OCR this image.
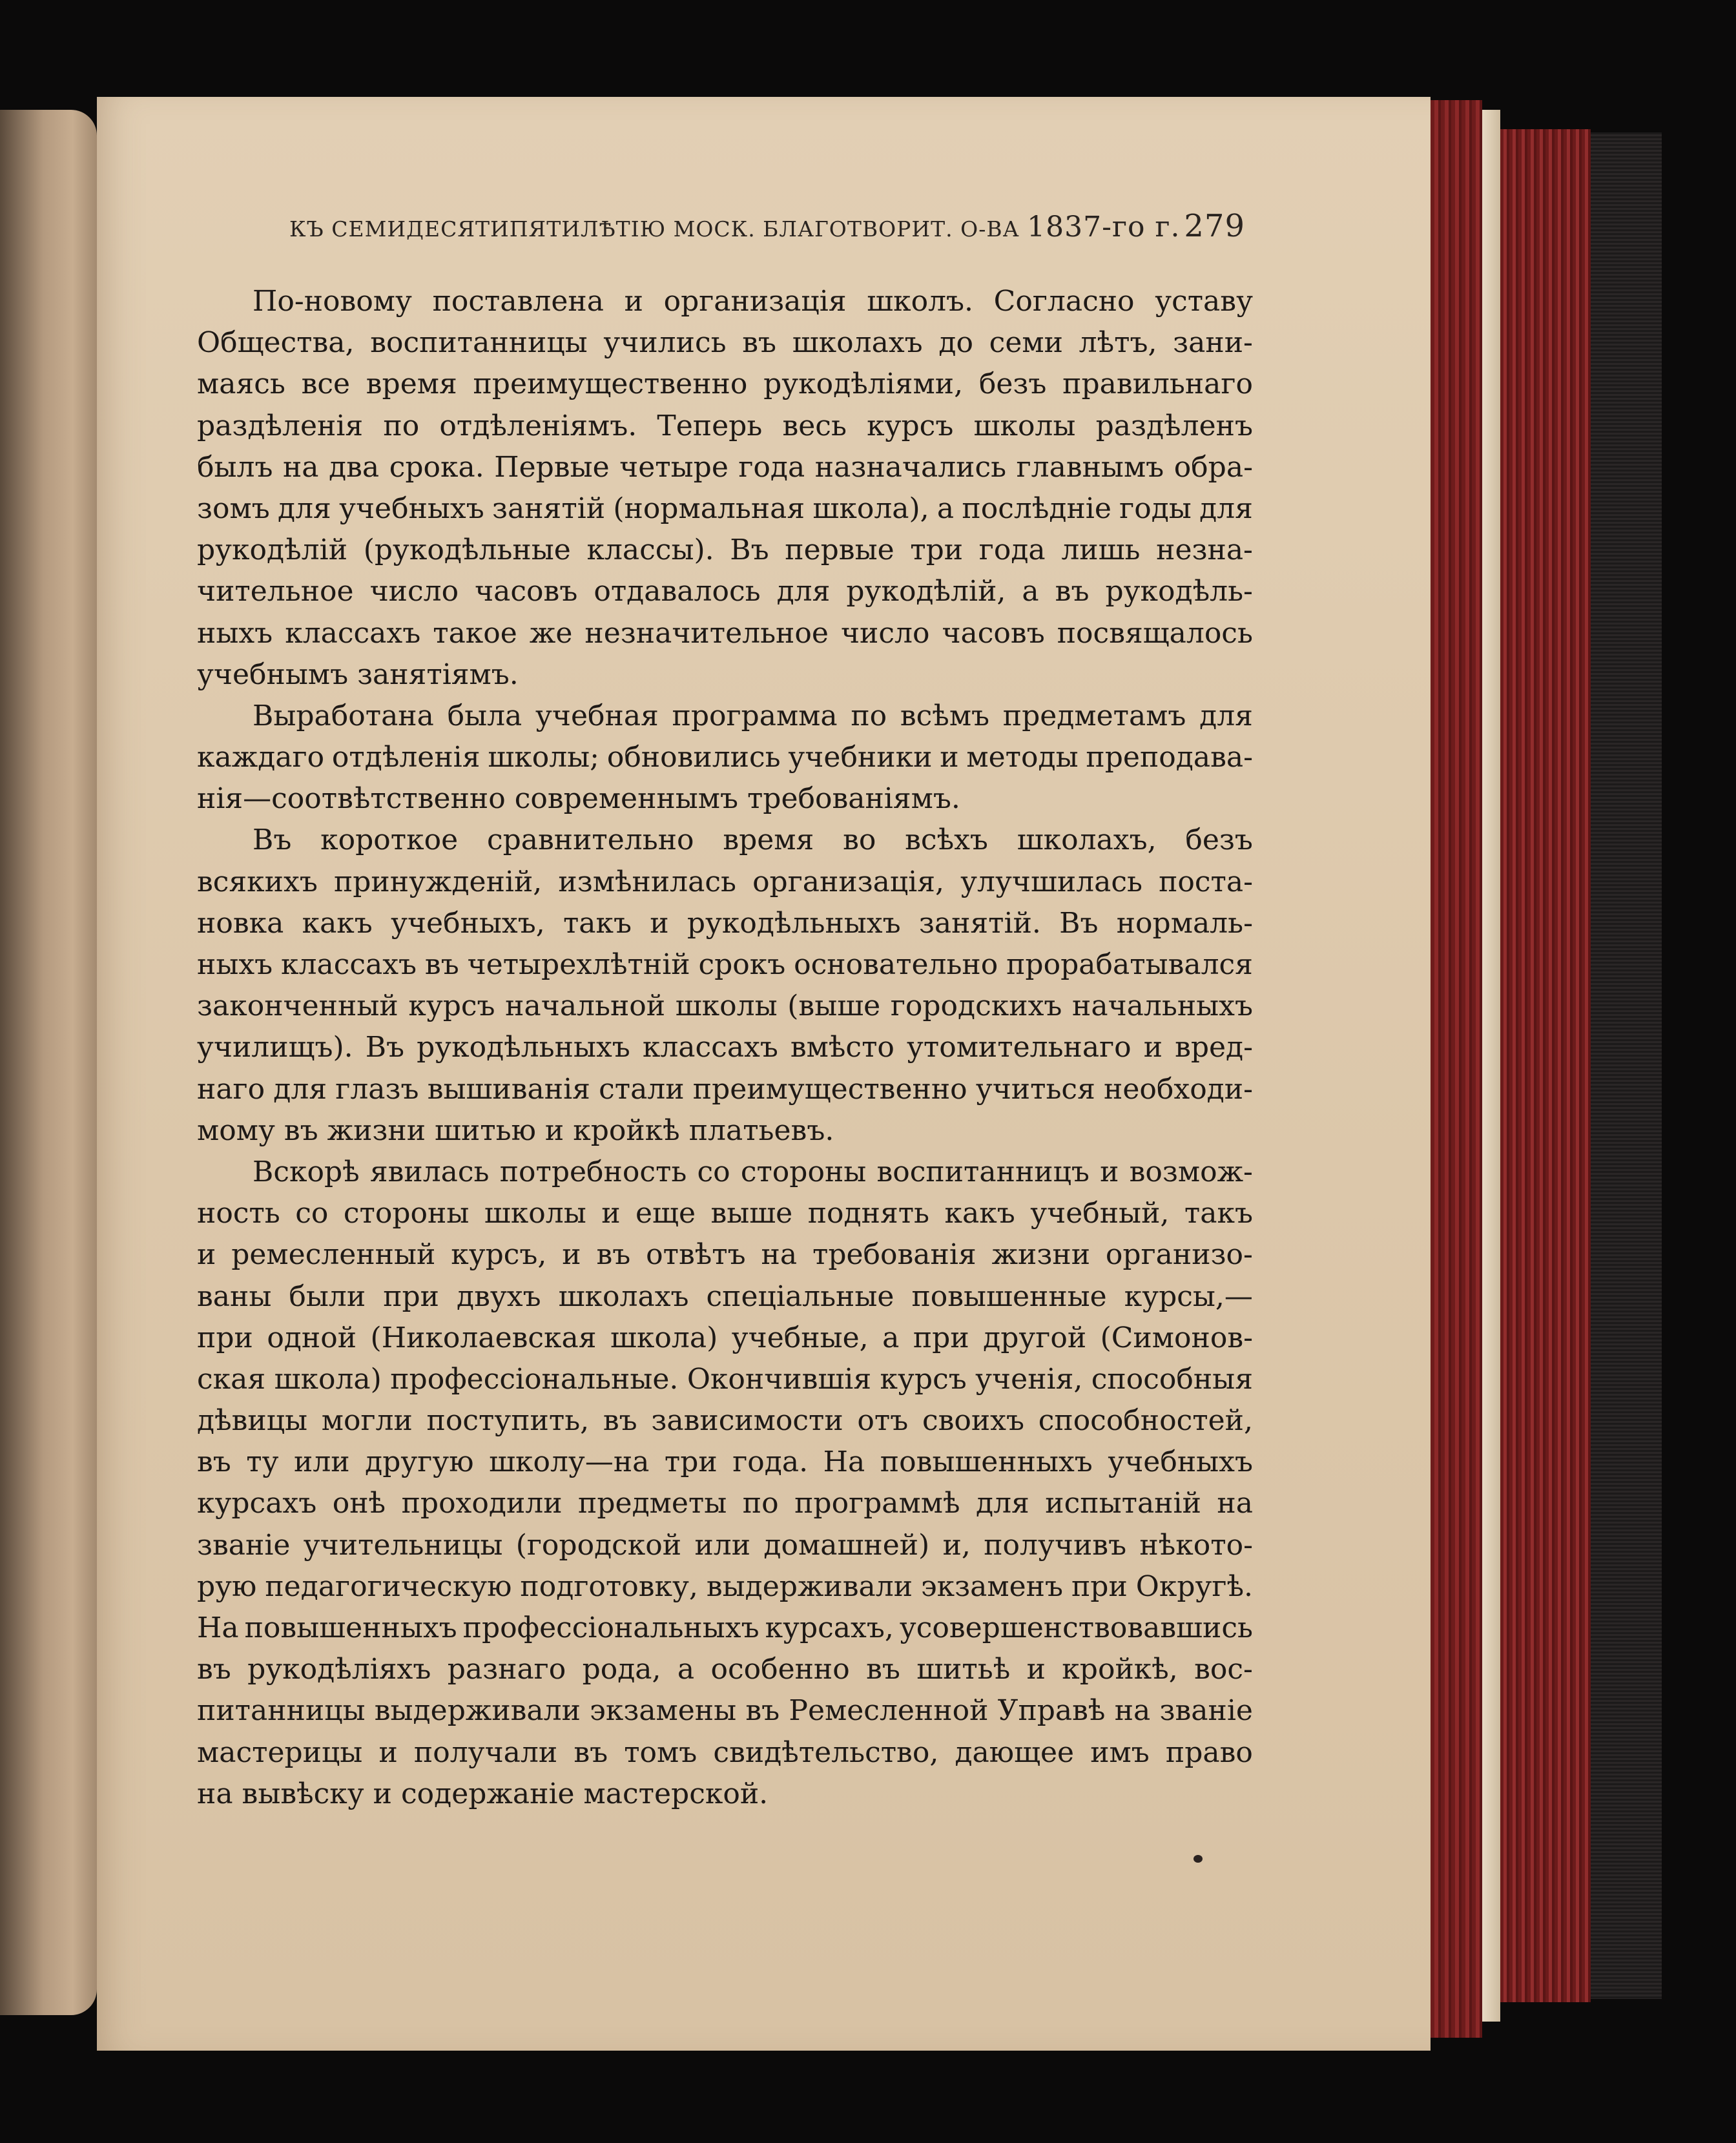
КЪ СЕМИДЕСЯТИПЯТИЛѢТІЮ МОСК. БЛАГОТВОРИТ. О-ВА 1837-го г. 279
По-новому поставлена и организація школъ. Согласно уставу
Общества, воспитанницы учились въ школахъ до семи лѣтъ, зани-
маясь все время преимущественно рукодѣліями, безъ правильнаго
раздѣленія по отдѣленіямъ. Теперь весь курсъ школы раздѣленъ
былъ на два срока. Первые четыре года назначались главнымъ обра-
зомъ для учебныхъ занятій (нормальная школа), а послѣдніе годы для
рукодѣлій (рукодѣльные классы). Въ первые три года лишь незна-
чительное число часовъ отдавалось для рукодѣлій, а въ рукодѣль-
ныхъ классахъ такое же незначительное число часовъ посвящалось
учебнымъ занятіямъ.
Выработана была учебная программа по всѣмъ предметамъ для
каждаго отдѣленія школы; обновились учебники и методы преподава-
нія—соотвѣтственно современнымъ требованіямъ.
Въ короткое сравнительно время во всѣхъ школахъ, безъ
всякихъ принужденій, измѣнилась организація, улучшилась поста-
новка какъ учебныхъ, такъ и рукодѣльныхъ занятій. Въ нормаль-
ныхъ классахъ въ четырехлѣтній срокъ основательно прорабатывался
законченный курсъ начальной школы (выше городскихъ начальныхъ
училищъ). Въ рукодѣльныхъ классахъ вмѣсто утомительнаго и вред-
наго для глазъ вышиванія стали преимущественно учиться необходи-
мому въ жизни шитью и кройкѣ платьевъ.
Вскорѣ явилась потребность со стороны воспитанницъ и возмож-
ность со стороны школы и еще выше поднять какъ учебный, такъ
и ремесленный курсъ, и въ отвѣтъ на требованія жизни организо-
ваны были при двухъ школахъ спеціальные повышенные курсы,—
при одной (Николаевская школа) учебные, а при другой (Симонов-
ская школа) профессіональные. Окончившія курсъ ученія, способныя
дѣвицы могли поступить, въ зависимости отъ своихъ способностей,
въ ту или другую школу—на три года. На повышенныхъ учебныхъ
курсахъ онѣ проходили предметы по программѣ для испытаній на
званіе учительницы (городской или домашней) и, получивъ нѣкото-
рую педагогическую подготовку, выдерживали экзаменъ при Округѣ.
На повышенныхъ профессіональныхъ курсахъ, усовершенствовавшись
въ рукодѣліяхъ разнаго рода, а особенно въ шитьѣ и кройкѣ, вос-
питанницы выдерживали экзамены въ Ремесленной Управѣ на званіе
мастерицы и получали въ томъ свидѣтельство, дающее имъ право
на вывѣску и содержаніе мастерской.
